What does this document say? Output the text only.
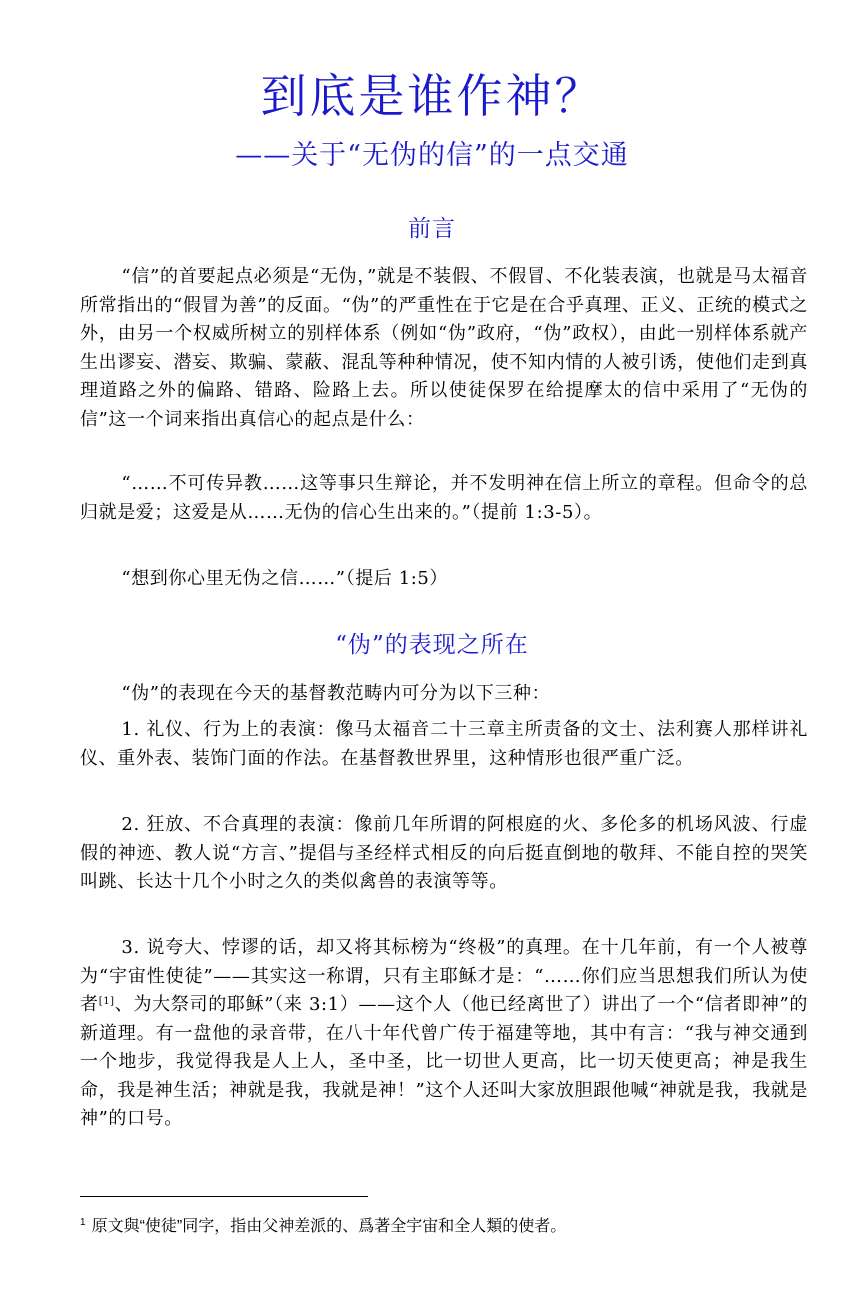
到底是谁作神？
——关于“无伪的信”的一点交通
前言

“信”的首要起点必须是“无伪，”就是不装假、不假冒、不化装表演，也就是马太福音所常指出的“假冒为善”的反面。“伪”的严重性在于它是在合乎真理、正义、正统的模式之外，由另一个权威所树立的别样体系（例如“伪”政府，“伪”政权），由此一别样体系就产生出谬妄、潜妄、欺骗、蒙蔽、混乱等种种情况，使不知内情的人被引诱，使他们走到真理道路之外的偏路、错路、险路上去。所以使徒保罗在给提摩太的信中采用了“无伪的信”这一个词来指出真信心的起点是什么：

“……不可传异教……这等事只生辩论，并不发明神在信上所立的章程。但命令的总归就是爱；这爱是从……无伪的信心生出来的。”（提前 1:3-5）。

“想到你心里无伪之信……”（提后 1:5）

“伪”的表现之所在

“伪”的表现在今天的基督教范畴内可分为以下三种：

1. 礼仪、行为上的表演：像马太福音二十三章主所责备的文士、法利赛人那样讲礼仪、重外表、装饰门面的作法。在基督教世界里，这种情形也很严重广泛。

2. 狂放、不合真理的表演：像前几年所谓的阿根庭的火、多伦多的机场风波、行虚假的神迹、教人说“方言、”提倡与圣经样式相反的向后挺直倒地的敬拜、不能自控的哭笑叫跳、长达十几个小时之久的类似禽兽的表演等等。

3. 说夸大、悖谬的话，却又将其标榜为“终极”的真理。在十几年前，有一个人被尊为“宇宙性使徒”——其实这一称谓，只有主耶稣才是：“……你们应当思想我们所认为使者[1]、为大祭司的耶稣”（来 3:1）——这个人（他已经离世了）讲出了一个“信者即神”的新道理。有一盘他的录音带，在八十年代曾广传于福建等地，其中有言：“我与神交通到一个地步，我觉得我是人上人，圣中圣，比一切世人更高，比一切天使更高；神是我生命，我是神生活；神就是我，我就是神！”这个人还叫大家放胆跟他喊“神就是我，我就是神”的口号。

$^1$ 原文與“使徒”同字，指由父神差派的、爲著全宇宙和全人類的使者。
